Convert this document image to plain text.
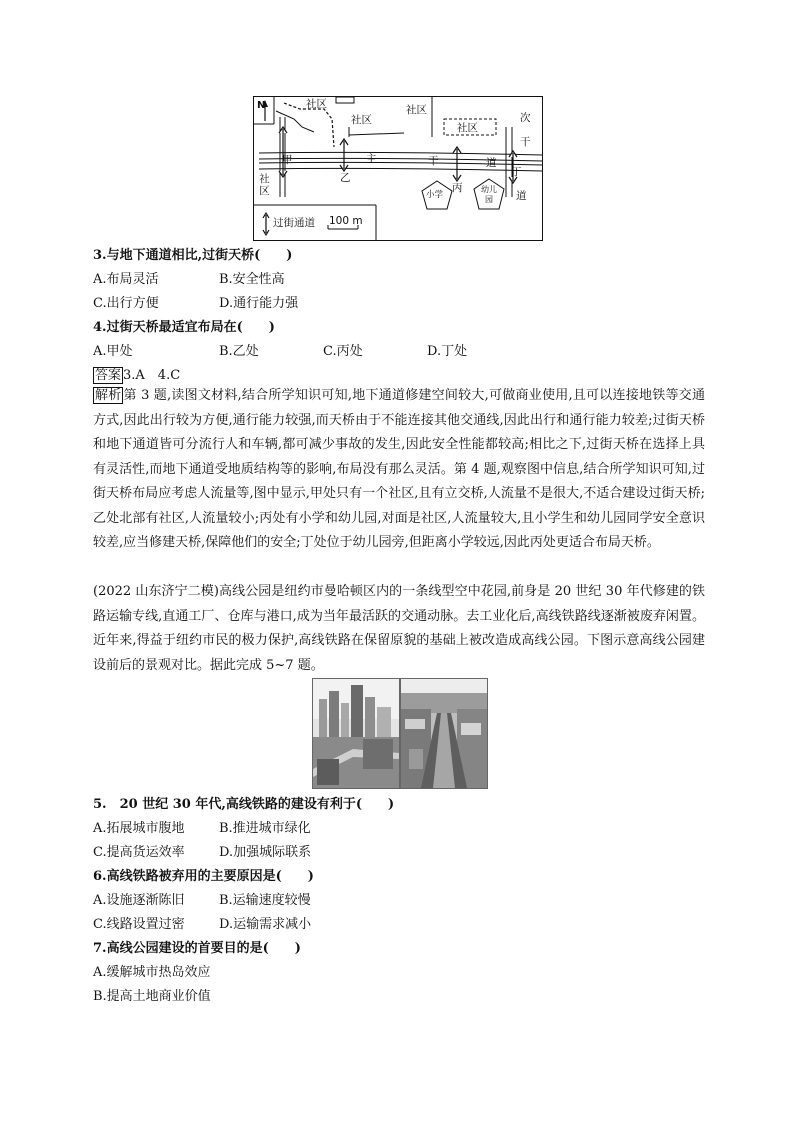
N	社区
社区
社区
社区
社区
甲
乙
丙
丁
主	干	道
次
干
道
小学
幼儿园
过街通道 100 m
3.与地下通道相比,过街天桥(　　)
A.布局灵活	B.安全性高
C.出行方便	D.通行能力强
4.过街天桥最适宜布局在(　　)
A.甲处	B.乙处	C.丙处	D.丁处
答案 3.A　4.C
解析 第 3 题,读图文材料,结合所学知识可知,地下通道修建空间较大,可做商业使用,且可以连接地铁等交通方式,因此出行较为方便,通行能力较强,而天桥由于不能连接其他交通线,因此出行和通行能力较差;过街天桥和地下通道皆可分流行人和车辆,都可减少事故的发生,因此安全性能都较高;相比之下,过街天桥在选择上具有灵活性,而地下通道受地质结构等的影响,布局没有那么灵活。第 4 题,观察图中信息,结合所学知识可知,过街天桥布局应考虑人流量等,图中显示,甲处只有一个社区,且有立交桥,人流量不是很大,不适合建设过街天桥;乙处北部有社区,人流量较小;丙处有小学和幼儿园,对面是社区,人流量较大,且小学生和幼儿园同学安全意识较差,应当修建天桥,保障他们的安全;丁处位于幼儿园旁,但距离小学较远,因此丙处更适合布局天桥。
(2022 山东济宁二模)高线公园是纽约市曼哈顿区内的一条线型空中花园,前身是 20 世纪 30 年代修建的铁路运输专线,直通工厂、仓库与港口,成为当年最活跃的交通动脉。去工业化后,高线铁路线逐渐被废弃闲置。近年来,得益于纽约市民的极力保护,高线铁路在保留原貌的基础上被改造成高线公园。下图示意高线公园建设前后的景观对比。据此完成 5~7 题。
5.　20 世纪 30 年代,高线铁路的建设有利于(　　)
A.拓展城市腹地	B.推进城市绿化
C.提高货运效率	D.加强城际联系
6.高线铁路被弃用的主要原因是(　　)
A.设施逐渐陈旧	B.运输速度较慢
C.线路设置过密	D.运输需求减小
7.高线公园建设的首要目的是(　　)
A.缓解城市热岛效应
B.提高土地商业价值
